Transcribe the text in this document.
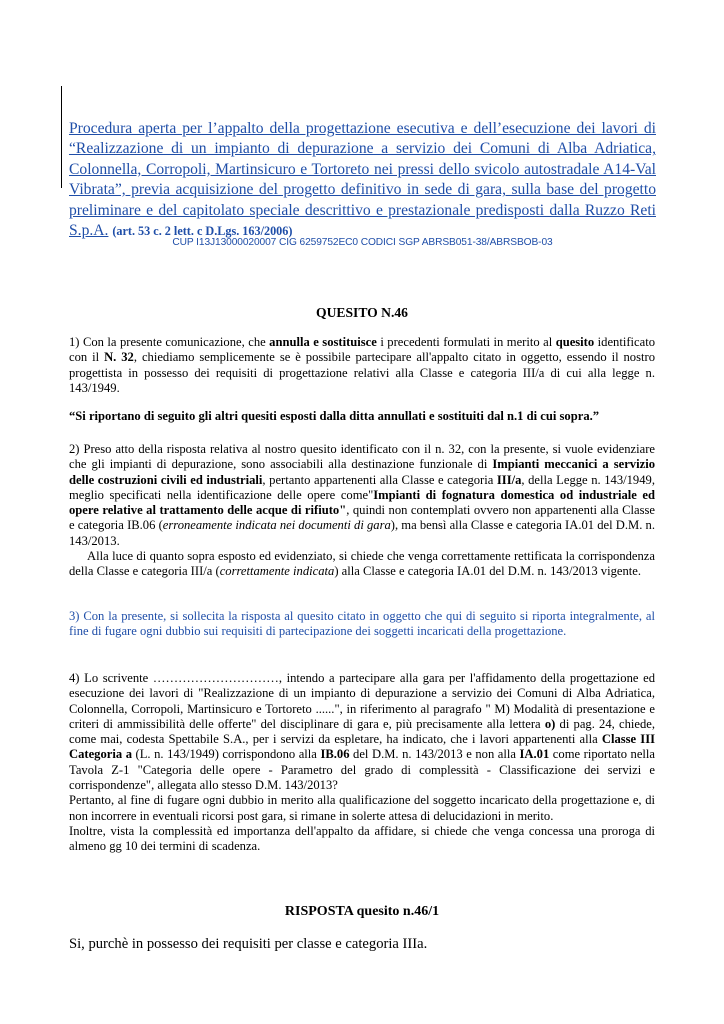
Procedura aperta per l’appalto della progettazione esecutiva e dell’esecuzione dei lavori di “Realizzazione di un impianto di depurazione a servizio dei Comuni di Alba Adriatica, Colonnella, Corropoli, Martinsicuro e Tortoreto nei pressi dello svicolo autostradale A14-Val Vibrata”, previa acquisizione del progetto definitivo in sede di gara, sulla base del progetto preliminare e del capitolato speciale descrittivo e prestazionale predisposti dalla Ruzzo Reti S.p.A. (art. 53 c. 2 lett. c D.Lgs. 163/2006)
CUP I13J13000020007 CIG 6259752EC0 CODICI SGP ABRSB051-38/ABRSBOB-03
QUESITO N.46
1) Con la presente comunicazione, che annulla e sostituisce i precedenti formulati in merito al quesito identificato con il N. 32, chiediamo semplicemente se è possibile partecipare all'appalto citato in oggetto, essendo il nostro progettista in possesso dei requisiti di progettazione relativi alla Classe e categoria III/a di cui alla legge n. 143/1949.
“Si riportano di seguito gli altri quesiti esposti dalla ditta annullati e sostituiti dal n.1 di cui sopra.”
2) Preso atto della risposta relativa al nostro quesito identificato con il n. 32, con la presente, si vuole evidenziare che gli impianti di depurazione, sono associabili alla destinazione funzionale di Impianti meccanici a servizio delle costruzioni civili ed industriali, pertanto appartenenti alla Classe e categoria III/a, della Legge n. 143/1949, meglio specificati nella identificazione delle opere come"Impianti di fognatura domestica od industriale ed opere relative al trattamento delle acque di rifiuto", quindi non contemplati ovvero non appartenenti alla Classe e categoria IB.06 (erroneamente indicata nei documenti di gara), ma bensì alla Classe e categoria IA.01 del D.M. n. 143/2013.
Alla luce di quanto sopra esposto ed evidenziato, si chiede che venga correttamente rettificata la corrispondenza della Classe e categoria III/a (correttamente indicata) alla Classe e categoria IA.01 del D.M. n. 143/2013 vigente.
3) Con la presente, si sollecita la risposta al quesito citato in oggetto che qui di seguito si riporta integralmente, al fine di fugare ogni dubbio sui requisiti di partecipazione dei soggetti incaricati della progettazione.
4) Lo scrivente …………………………, intendo a partecipare alla gara per l'affidamento della progettazione ed esecuzione dei lavori di "Realizzazione di un impianto di depurazione a servizio dei Comuni di Alba Adriatica, Colonnella, Corropoli, Martinsicuro e Tortoreto ......", in riferimento al paragrafo " M) Modalità di presentazione e criteri di ammissibilità delle offerte" del disciplinare di gara e, più precisamente alla lettera o) di pag. 24, chiede, come mai, codesta Spettabile S.A., per i servizi da espletare, ha indicato, che i lavori appartenenti alla Classe III Categoria a (L. n. 143/1949) corrispondono alla IB.06 del D.M. n. 143/2013 e non alla IA.01 come riportato nella Tavola Z-1 "Categoria delle opere - Parametro del grado di complessità - Classificazione dei servizi e corrispondenze", allegata allo stesso D.M. 143/2013?
Pertanto, al fine di fugare ogni dubbio in merito alla qualificazione del soggetto incaricato della progettazione e, di non incorrere in eventuali ricorsi post gara, si rimane in solerte attesa di delucidazioni in merito.
Inoltre, vista la complessità ed importanza dell'appalto da affidare, si chiede che venga concessa una proroga di almeno gg 10 dei termini di scadenza.
RISPOSTA quesito n.46/1
Si, purchè in possesso dei requisiti per classe e categoria IIIa.
